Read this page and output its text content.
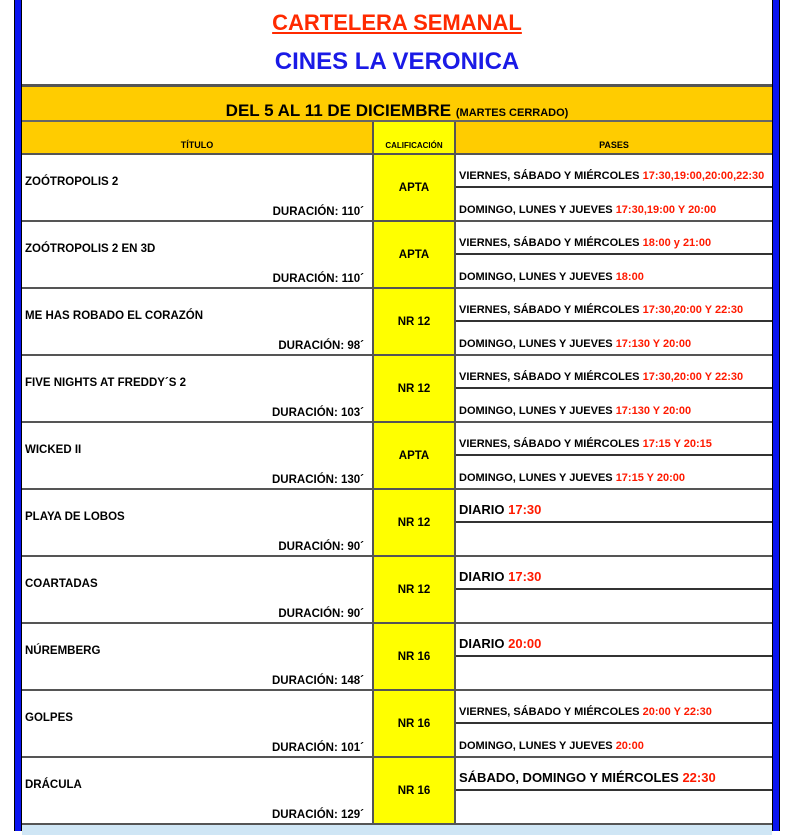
CARTELERA SEMANAL
CINES LA VERONICA
DEL 5 AL 11 DE DICIEMBRE (MARTES CERRADO)
TÍTULO	CALIFICACIÓN	PASES
ZOÓTROPOLIS 2
DURACIÓN: 110´
APTA
VIERNES, SÁBADO Y MIÉRCOLES 17:30,19:00,20:00,22:30
DOMINGO, LUNES Y JUEVES 17:30,19:00 Y 20:00
ZOÓTROPOLIS 2 EN 3D
DURACIÓN: 110´
APTA
VIERNES, SÁBADO Y MIÉRCOLES 18:00 y 21:00
DOMINGO, LUNES Y JUEVES 18:00
ME HAS ROBADO EL CORAZÓN
DURACIÓN: 98´
NR 12
VIERNES, SÁBADO Y MIÉRCOLES 17:30,20:00 Y 22:30
DOMINGO, LUNES Y JUEVES 17:130 Y 20:00
FIVE NIGHTS AT FREDDY´S 2
DURACIÓN: 103´
NR 12
VIERNES, SÁBADO Y MIÉRCOLES 17:30,20:00 Y 22:30
DOMINGO, LUNES Y JUEVES 17:130 Y 20:00
WICKED II
DURACIÓN: 130´
APTA
VIERNES, SÁBADO Y MIÉRCOLES 17:15 Y 20:15
DOMINGO, LUNES Y JUEVES 17:15 Y 20:00
PLAYA DE LOBOS
DURACIÓN: 90´
NR 12
DIARIO 17:30
COARTADAS
DURACIÓN: 90´
NR 12
DIARIO 17:30
NÚREMBERG
DURACIÓN: 148´
NR 16
DIARIO 20:00
GOLPES
DURACIÓN: 101´
NR 16
VIERNES, SÁBADO Y MIÉRCOLES 20:00 Y 22:30
DOMINGO, LUNES Y JUEVES 20:00
DRÁCULA
DURACIÓN: 129´
NR 16
SÁBADO, DOMINGO Y MIÉRCOLES 22:30
